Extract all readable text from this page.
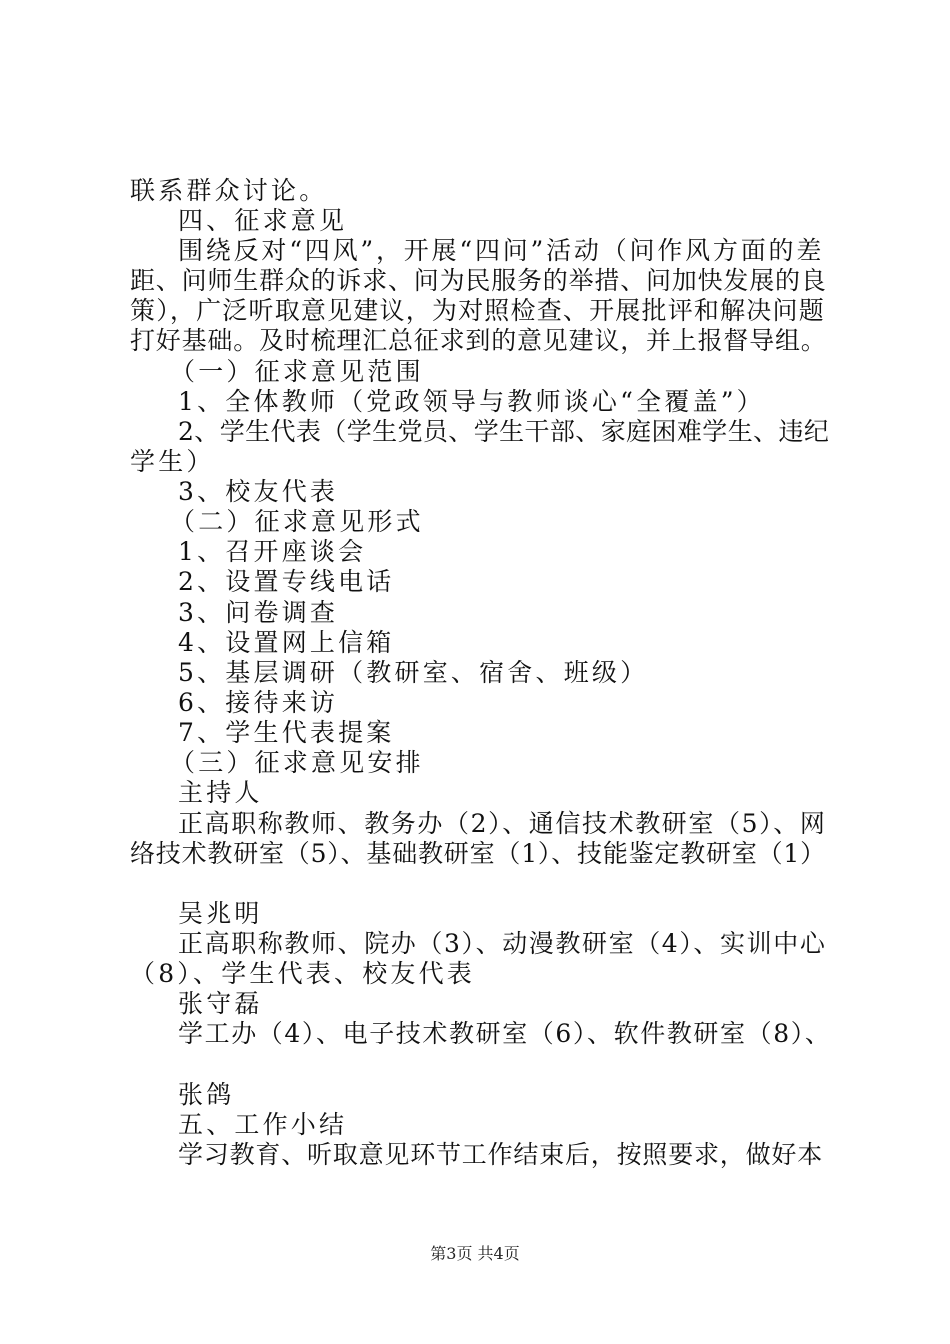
联系群众讨论。
四、征求意见
围绕反对“四风”，开展“四问”活动（问作风方面的差
距、问师生群众的诉求、问为民服务的举措、问加快发展的良
策），广泛听取意见建议，为对照检查、开展批评和解决问题
打好基础。及时梳理汇总征求到的意见建议，并上报督导组。
（一）征求意见范围
1、全体教师（党政领导与教师谈心“全覆盖”）
2、学生代表（学生党员、学生干部、家庭困难学生、违纪
学生）
3、校友代表
（二）征求意见形式
1、召开座谈会
2、设置专线电话
3、问卷调查
4、设置网上信箱
5、基层调研（教研室、宿舍、班级）
6、接待来访
7、学生代表提案
（三）征求意见安排
主持人
正高职称教师、教务办（2）、通信技术教研室（5）、网
络技术教研室（5）、基础教研室（1）、技能鉴定教研室（1）
吴兆明
正高职称教师、院办（3）、动漫教研室（4）、实训中心
（8）、学生代表、校友代表
张守磊
学工办（4）、电子技术教研室（6）、软件教研室（8）、
张鸽
五、工作小结
学习教育、听取意见环节工作结束后，按照要求，做好本
第3页 共4页
